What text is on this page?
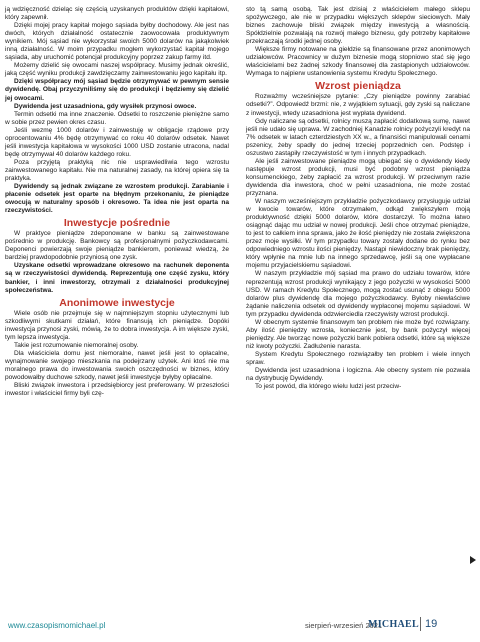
ją wdzięczność dzieląc się częścią uzyskanych produktów dzięki kapitałowi, który zapewnił.

Dzięki mojej pracy kapitał mojego sąsiada byłby dochodowy. Ale jest nas dwóch, których działalność ostatecznie zaowocowała produktywnym wynikiem. Mój sąsiad nie wykorzystał swoich 5000 dolarów na jakąkolwiek inną działalność. W moim przypadku mogłem wykorzystać kapitał mojego sąsiada, aby uruchomić potencjał produkcyjny poprzez zakup farmy itd.

Możemy dzielić się owocami naszej współpracy. Musimy jednak określić, jaką część wyniku produkcji zawdzięczamy zainwestowaniu jego kapitału itp.

Dzięki współpracy mój sąsiad będzie otrzymywać w pewnym sensie dywidendę. Obaj przyczyniliśmy się do produkcji i będziemy się dzielić jej owocami.

Dywidenda jest uzasadniona, gdy wysiłek przynosi owoce.

Termin odsetki ma inne znaczenie. Odsetki to roszczenie pieniężne samo w sobie przez pewien okres czasu.

Jeśli wezmę 1000 dolarów i zainwestuję w obligacje rządowe przy oprocentowaniu 4% będę otrzymywać co roku 40 dolarów odsetek. Nawet jeśli inwestycja kapitałowa w wysokości 1000 USD zostanie utracona, nadal będę otrzymywał 40 dolarów każdego roku.

Poza przyjętą praktyką nic nie usprawiedliwia tego wzrostu zainwestowanego kapitału. Nie ma naturalnej zasady, na której opiera się ta praktyka.

Dywidendy są jednak związane ze wzrostem produkcji. Zarabianie i płacenie odsetek jest oparte na błędnym przekonaniu, że pieniądze owocują w naturalny sposób i okresowo. Ta idea nie jest oparta na rzeczywistości.

Inwestycje pośrednie

W praktyce pieniądze zdeponowane w banku są zainwestowane pośrednio w produkcję. Bankowcy są profesjonalnymi pożyczkodawcami. Deponenci powierzają swoje pieniądze bankierom, ponieważ wiedzą, że bardziej prawdopodobnie przyniosą one zysk.

Uzyskane odsetki wprowadzane okresowo na rachunek deponenta są w rzeczywistości dywidendą. Reprezentują one część zysku, który bankier, i inni inwestorzy, otrzymali z działalności produkcyjnej społeczeństwa.

Anonimowe inwestycje

Wiele osób nie przejmuje się w najmniejszym stopniu użytecznymi lub szkodliwymi skutkami działań, które finansują ich pieniądze. Dopóki inwestycja przynosi zyski, mówią, że to dobra inwestycja. A im większe zyski, tym lepsza inwestycja.

Takie jest rozumowanie niemoralnej osoby.

Dla właściciela domu jest niemoralne, nawet jeśli jest to opłacalne, wynajmowanie swojego mieszkania na podejrzany użytek. Ani ktoś nie ma moralnego prawa do inwestowania swoich oszczędności w biznes, który powodowałby duchowe szkody, nawet jeśli inwestycje byłyby opłacalne.

Bliski związek inwestora i przedsiębiorcy jest preferowany. W przeszłości inwestor i właściciel firmy byli czę-

sto tą samą osobą. Tak jest dzisiaj z właścicielem małego sklepu spożywczego, ale nie w przypadku większych sklepów sieciowych. Mały biznes zachowuje bliski związek między inwestycją a własnością. Spółdzielnie pozwalają na rozwój małego biznesu, gdy potrzeby kapitałowe przekraczają środki jednej osoby.

Większe firmy notowane na giełdzie są finansowane przez anonimowych udziałowców. Pracownicy w dużym biznesie mogą stopniowo stać się jego właścicielami bez żadnej szkody finansowej dla zastąpionych udziałowców. Wymaga to najpierw ustanowienia systemu Kredytu Społecznego.

Wzrost pieniądza

Rozważmy wcześniejsze pytanie: „Czy pieniądze powinny zarabiać odsetki?”. Odpowiedź brzmi: nie, z wyjątkiem sytuacji, gdy zyski są naliczane z inwestycji, wtedy uzasadniona jest wypłata dywidend.

Gdy naliczane są odsetki, rolnicy muszą zapłacić dodatkową sumę, nawet jeśli nie udało się uprawa. W zachodniej Kanadzie rolnicy pożyczyli kredyt na 7% odsetek w latach czterdziestych XX w., a finansiści manipulowali cenami pszenicy, żeby spadły do jednej trzeciej poprzednich cen. Podstęp i oszustwo zastąpiły rzeczywistość w tym i innych przypadkach.

Ale jeśli zainwestowane pieniądze mogą ubiegać się o dywidendy kiedy następuje wzrost produkcji, musi być podobny wzrost pieniądza konsumenckiego, żeby zapłacić za wzrost produkcji. W przeciwnym razie dywidenda dla inwestora, choć w pełni uzasadniona, nie może zostać przyznana.

W naszym wcześniejszym przykładzie pożyczkodawcy przysługuje udział w kwocie towarów, które otrzymałem, odkąd zwiększyłem moją produktywność dzięki 5000 dolarów, które dostarczył. To można łatwo osiągnąć dając mu udział w nowej produkcji. Jeśli chce otrzymać pieniądze, to jest to całkiem inna sprawa, jako że ilość pieniędzy nie została zwiększona przez moje wysiłki. W tym przypadku towary zostały dodane do rynku bez odpowiedniego wzrostu ilości pieniędzy. Nastąpi niewidoczny brak pieniędzy, który wpłynie na mnie lub na innego sprzedawcę, jeśli są one wypłacane mojemu przyjacielskiemu sąsiadowi.

W naszym przykładzie mój sąsiad ma prawo do udziału towarów, które reprezentują wzrost produkcji wynikający z jego pożyczki w wysokości 5000 USD. W ramach Kredytu Społecznego, mogą zostać usunąć z obiegu 5000 dolarów plus dywidendę dla mojego pożyczkodawcy. Byłoby niewłaściwe żądanie naliczenia odsetek od dywidendy wypłaconej mojemu sąsiadowi. W tym przypadku dywidenda odzwierciedla rzeczywisty wzrost produkcji.

W obecnym systemie finansowym ten problem nie może być rozwiązany. Aby ilość pieniędzy wzrosła, koniecznie jest, by bank pożyczył więcej pieniędzy. Ale tworząc nowe pożyczki bank pobiera odsetki, które są większe niż kwoty pożyczki. Zadłużenie narasta.

System Kredytu Społecznego rozwiązałby ten problem i wiele innych spraw.

Dywidenda jest uzasadniona i logiczna. Ale obecny system nie pozwala na dystrybucję Dywidendy.

To jest powód, dla którego wielu ludzi jest przeciw-

www.czasopismomichael.pl	sierpień-wrzesień 2021
MICHAEL 19
